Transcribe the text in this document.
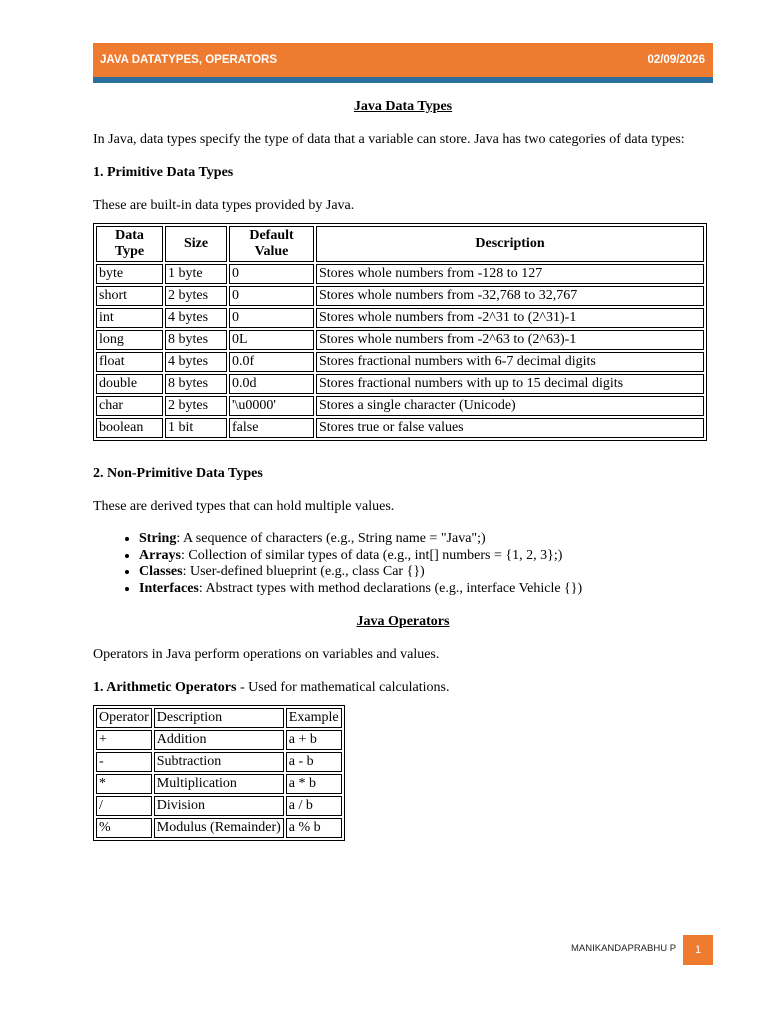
JAVA DATATYPES, OPERATORS	02/09/2026

Java Data Types

In Java, data types specify the type of data that a variable can store. Java has two categories of data types:

1. Primitive Data Types

These are built-in data types provided by Java.

Data Type	Size	Default Value	Description
byte	1 byte	0	Stores whole numbers from -128 to 127
short	2 bytes	0	Stores whole numbers from -32,768 to 32,767
int	4 bytes	0	Stores whole numbers from -2^31 to (2^31)-1
long	8 bytes	0L	Stores whole numbers from -2^63 to (2^63)-1
float	4 bytes	0.0f	Stores fractional numbers with 6-7 decimal digits
double	8 bytes	0.0d	Stores fractional numbers with up to 15 decimal digits
char	2 bytes	'\u0000'	Stores a single character (Unicode)
boolean	1 bit	false	Stores true or false values

2. Non-Primitive Data Types

These are derived types that can hold multiple values.

• String: A sequence of characters (e.g., String name = "Java";)
• Arrays: Collection of similar types of data (e.g., int[] numbers = {1, 2, 3};)
• Classes: User-defined blueprint (e.g., class Car {})
• Interfaces: Abstract types with method declarations (e.g., interface Vehicle {})

Java Operators

Operators in Java perform operations on variables and values.

1. Arithmetic Operators - Used for mathematical calculations.

Operator	Description	Example
+	Addition	a + b
-	Subtraction	a - b
*	Multiplication	a * b
/	Division	a / b
%	Modulus (Remainder)	a % b
MANIKANDAPRABHU P	1
